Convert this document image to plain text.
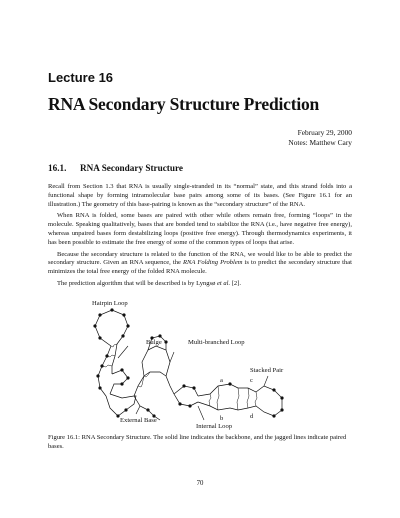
Lecture 16
RNA Secondary Structure Prediction
February 29, 2000
Notes: Matthew Cary
16.1. RNA Secondary Structure

Recall from Section 1.3 that RNA is usually single-stranded in its “normal” state, and this strand folds into a functional shape by forming intramolecular base pairs among some of its bases. (See Figure 16.1 for an illustration.) The geometry of this base-pairing is known as the “secondary structure” of the RNA.

When RNA is folded, some bases are paired with other while others remain free, forming “loops” in the molecule. Speaking qualitatively, bases that are bonded tend to stabilize the RNA (i.e., have negative free energy), whereas unpaired bases form destabilizing loops (positive free energy). Through thermodynamics experiments, it has been possible to estimate the free energy of some of the common types of loops that arise.

Because the secondary structure is related to the function of the RNA, we would like to be able to predict the secondary structure. Given an RNA sequence, the RNA Folding Problem is to predict the secondary structure that minimizes the total free energy of the folded RNA molecule.

The prediction algorithm that will be described is by Lyngsø et al. [2].

Hairpin Loop
Bulge	Multi-branched Loop
Stacked Pair
External Base
Internal Loop
a
b
c
d
Figure 16.1: RNA Secondary Structure. The solid line indicates the backbone, and the jagged lines indicate paired bases.
70
